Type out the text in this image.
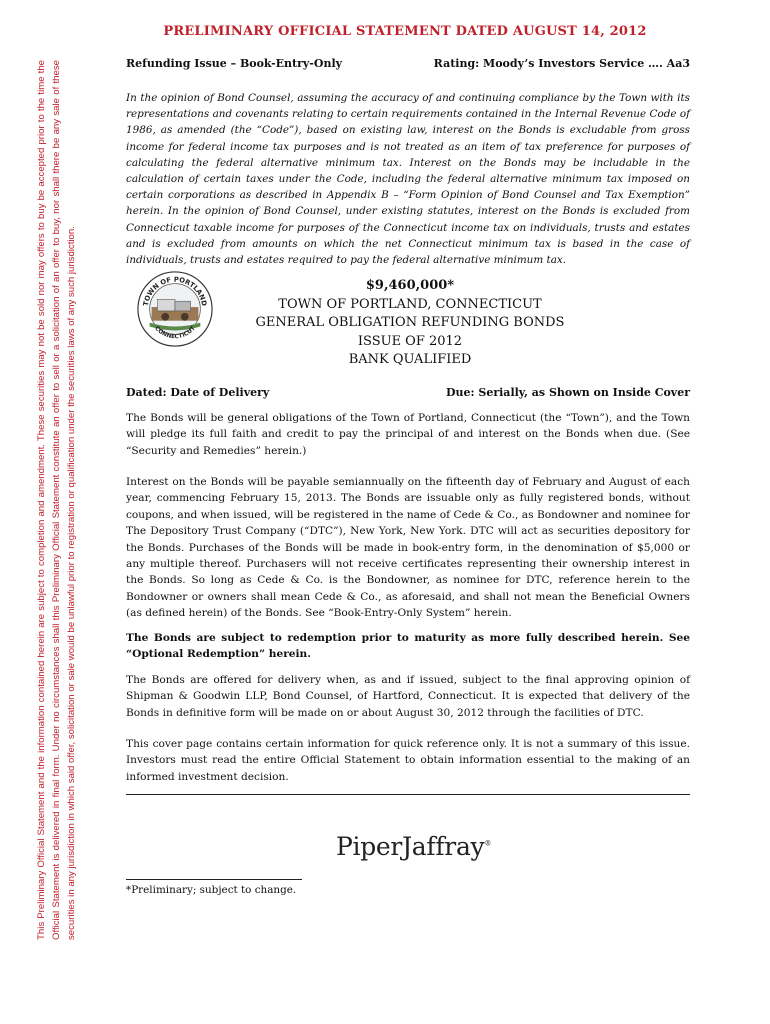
This Preliminary Official Statement and the information contained herein are subject to completion and amendment. These securities may not be sold nor may offers to buy be accepted prior to the time the Official Statement is delivered in final form. Under no circumstances shall this Preliminary Official Statement constitute an offer to sell or a solicitation of an offer to buy, nor shall there be any sale of these securities in any jurisdiction in which said offer, solicitation or sale would be unlawful prior to registration or qualification under the securities laws of any such jurisdiction.
PRELIMINARY OFFICIAL STATEMENT DATED AUGUST 14, 2012
Refunding Issue – Book-Entry-Only	Rating: Moody’s Investors Service …. Aa3
In the opinion of Bond Counsel, assuming the accuracy of and continuing compliance by the Town with its representations and covenants relating to certain requirements contained in the Internal Revenue Code of 1986, as amended (the “Code”), based on existing law, interest on the Bonds is excludable from gross income for federal income tax purposes and is not treated as an item of tax preference for purposes of calculating the federal alternative minimum tax. Interest on the Bonds may be includable in the calculation of certain taxes under the Code, including the federal alternative minimum tax imposed on certain corporations as described in Appendix B – “Form Opinion of Bond Counsel and Tax Exemption” herein. In the opinion of Bond Counsel, under existing statutes, interest on the Bonds is excluded from Connecticut taxable income for purposes of the Connecticut income tax on individuals, trusts and estates and is excluded from amounts on which the net Connecticut minimum tax is based in the case of individuals, trusts and estates required to pay the federal alternative minimum tax.
TOWN OF PORTLAND
CONNECTICUT
$9,460,000*
TOWN OF PORTLAND, CONNECTICUT
GENERAL OBLIGATION REFUNDING BONDS
ISSUE OF 2012
BANK QUALIFIED
Dated: Date of Delivery	Due: Serially, as Shown on Inside Cover

The Bonds will be general obligations of the Town of Portland, Connecticut (the “Town”), and the Town will pledge its full faith and credit to pay the principal of and interest on the Bonds when due. (See “Security and Remedies” herein.)

Interest on the Bonds will be payable semiannually on the fifteenth day of February and August of each year, commencing February 15, 2013. The Bonds are issuable only as fully registered bonds, without coupons, and when issued, will be registered in the name of Cede & Co., as Bondowner and nominee for The Depository Trust Company (“DTC”), New York, New York. DTC will act as securities depository for the Bonds. Purchases of the Bonds will be made in book-entry form, in the denomination of $5,000 or any multiple thereof. Purchasers will not receive certificates representing their ownership interest in the Bonds. So long as Cede & Co. is the Bondowner, as nominee for DTC, reference herein to the Bondowner or owners shall mean Cede & Co., as aforesaid, and shall not mean the Beneficial Owners (as defined herein) of the Bonds. See “Book-Entry-Only System” herein.

The Bonds are subject to redemption prior to maturity as more fully described herein. See “Optional Redemption” herein.

The Bonds are offered for delivery when, as and if issued, subject to the final approving opinion of Shipman & Goodwin LLP, Bond Counsel, of Hartford, Connecticut. It is expected that delivery of the Bonds in definitive form will be made on or about August 30, 2012 through the facilities of DTC.

This cover page contains certain information for quick reference only. It is not a summary of this issue. Investors must read the entire Official Statement to obtain information essential to the making of an informed investment decision.

PiperJaffray®
*Preliminary; subject to change.
